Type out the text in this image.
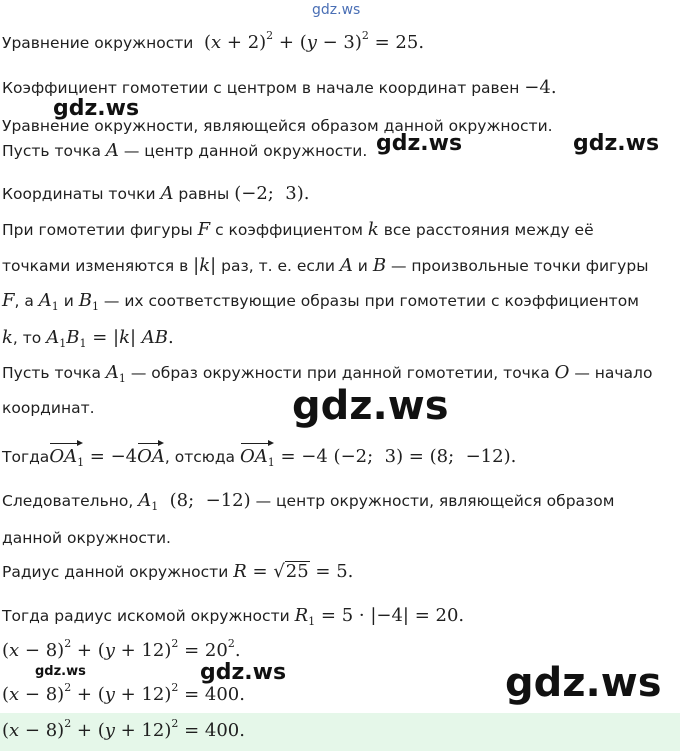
gdz.ws
Уравнение окружности  $(x + 2)^2 + (y - 3)^2 = 25$.
Коэффициент гомотетии с центром в начале координат равен −4.
Уравнение окружности, являющейся образом данной окружности.
Пусть точка A — центр данной окружности.
Координаты точки A равны (−2;  3).
При гомотетии фигуры F с коэффициентом k все расстояния между её
точками изменяются в |k| раз, т. е. если A и B — произвольные точки фигуры
F, а $A_1$ и $B_1$ — их соответствующие образы при гомотетии с коэффициентом
k, то $A_1B_1 = |k|$ AB.
Пусть точка $A_1$ — образ окружности при данной гомотетии, точка O — начало
координат.
ТогдаOA$_1$ = −4OA, отсюда $OA_1 = -4$ (−2;  3) = (8;  −12).
Следовательно, $A_1$  (8;  −12) — центр окружности, являющейся образом
данной окружности.
Радиус данной окружности R = √25 = 5.
Тогда радиус искомой окружности $R_1 = 5 \cdot |-4| = 20$.
$(x - 8)^2 + (y + 12)^2 = 20^2$.
$(x - 8)^2 + (y + 12)^2 = 400$.
$(x - 8)^2 + (y + 12)^2 = 400$.
gdz.ws
gdz.ws	gdz.ws
gdz.ws
gdz.ws	gdz.ws	gdz.ws
